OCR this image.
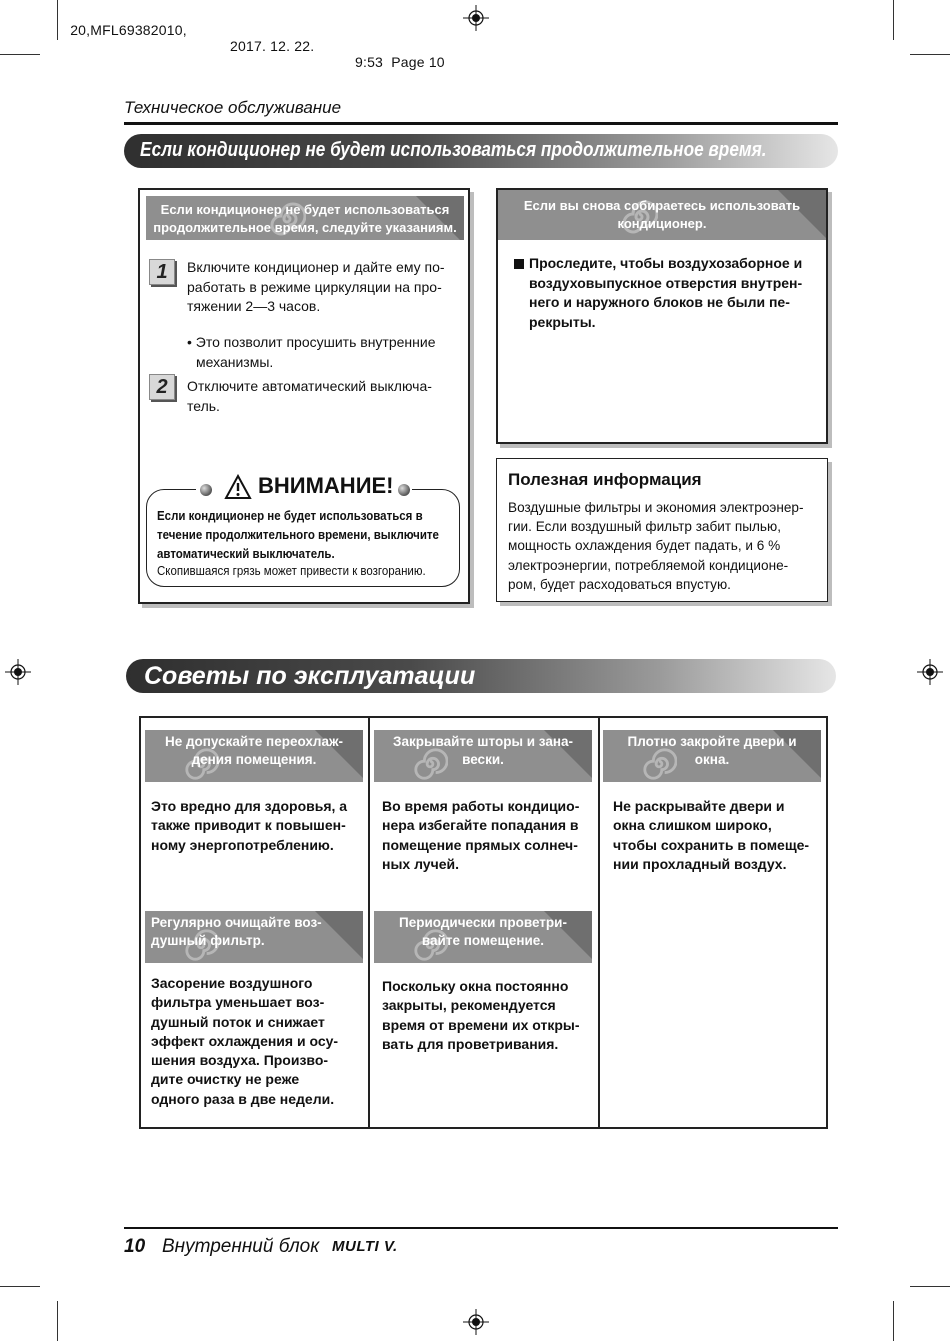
20,MFL69382010,

2017. 12. 22.

9:53  Page 10

Техническое обслуживание
Если кондиционер не будет использоваться продолжительное время.
Если кондиционер не будет использоваться
продолжительное время, следуйте указаниям.
1	Включите кондиционер и дайте ему по-
работать в режиме циркуляции на про-
тяжении 2—3 часов.
• Это позволит просушить внутренние
механизмы.
2	Отключите автоматический выключа-
тель.
Если кондиционер не будет использоваться в
течение продолжительного времени, выключите
автоматический выключатель.
Скопившаяся грязь может привести к возгоранию.
ВНИМАНИЕ!
Если вы снова собираетесь использовать
кондиционер.
Проследите, чтобы воздухозаборное и
воздуховыпускное отверстия внутрен-
него и наружного блоков не были пе-
рекрыты.
Полезная информация
Воздушные фильтры и экономия электроэнер-
гии. Если воздушный фильтр забит пылью,
мощность охлаждения будет падать, и 6 %
электроэнергии, потребляемой кондиционе-
ром, будет расходоваться впустую.
Советы по эксплуатации
Не допускайте переохлаж-
дения помещения.
Это вредно для здоровья, а
также приводит к повышен-
ному энергопотреблению.
Закрывайте шторы и зана-
вески.
Во время работы кондицио-
нера избегайте попадания в
помещение прямых солнеч-
ных лучей.
Плотно закройте двери и
окна.
Не раскрывайте двери и
окна слишком широко,
чтобы сохранить в помеще-
нии прохладный воздух.
Регулярно очищайте воз-
душный фильтр.
Засорение воздушного
фильтра уменьшает воз-
душный поток и снижает
эффект охлаждения и осу-
шения воздуха. Произво-
дите очистку не реже
одного раза в две недели.
Периодически проветри-
вайте помещение.
Поскольку окна постоянно
закрыты, рекомендуется
время от времени их откры-
вать для проветривания.
10 Внутренний блок MULTI V.
